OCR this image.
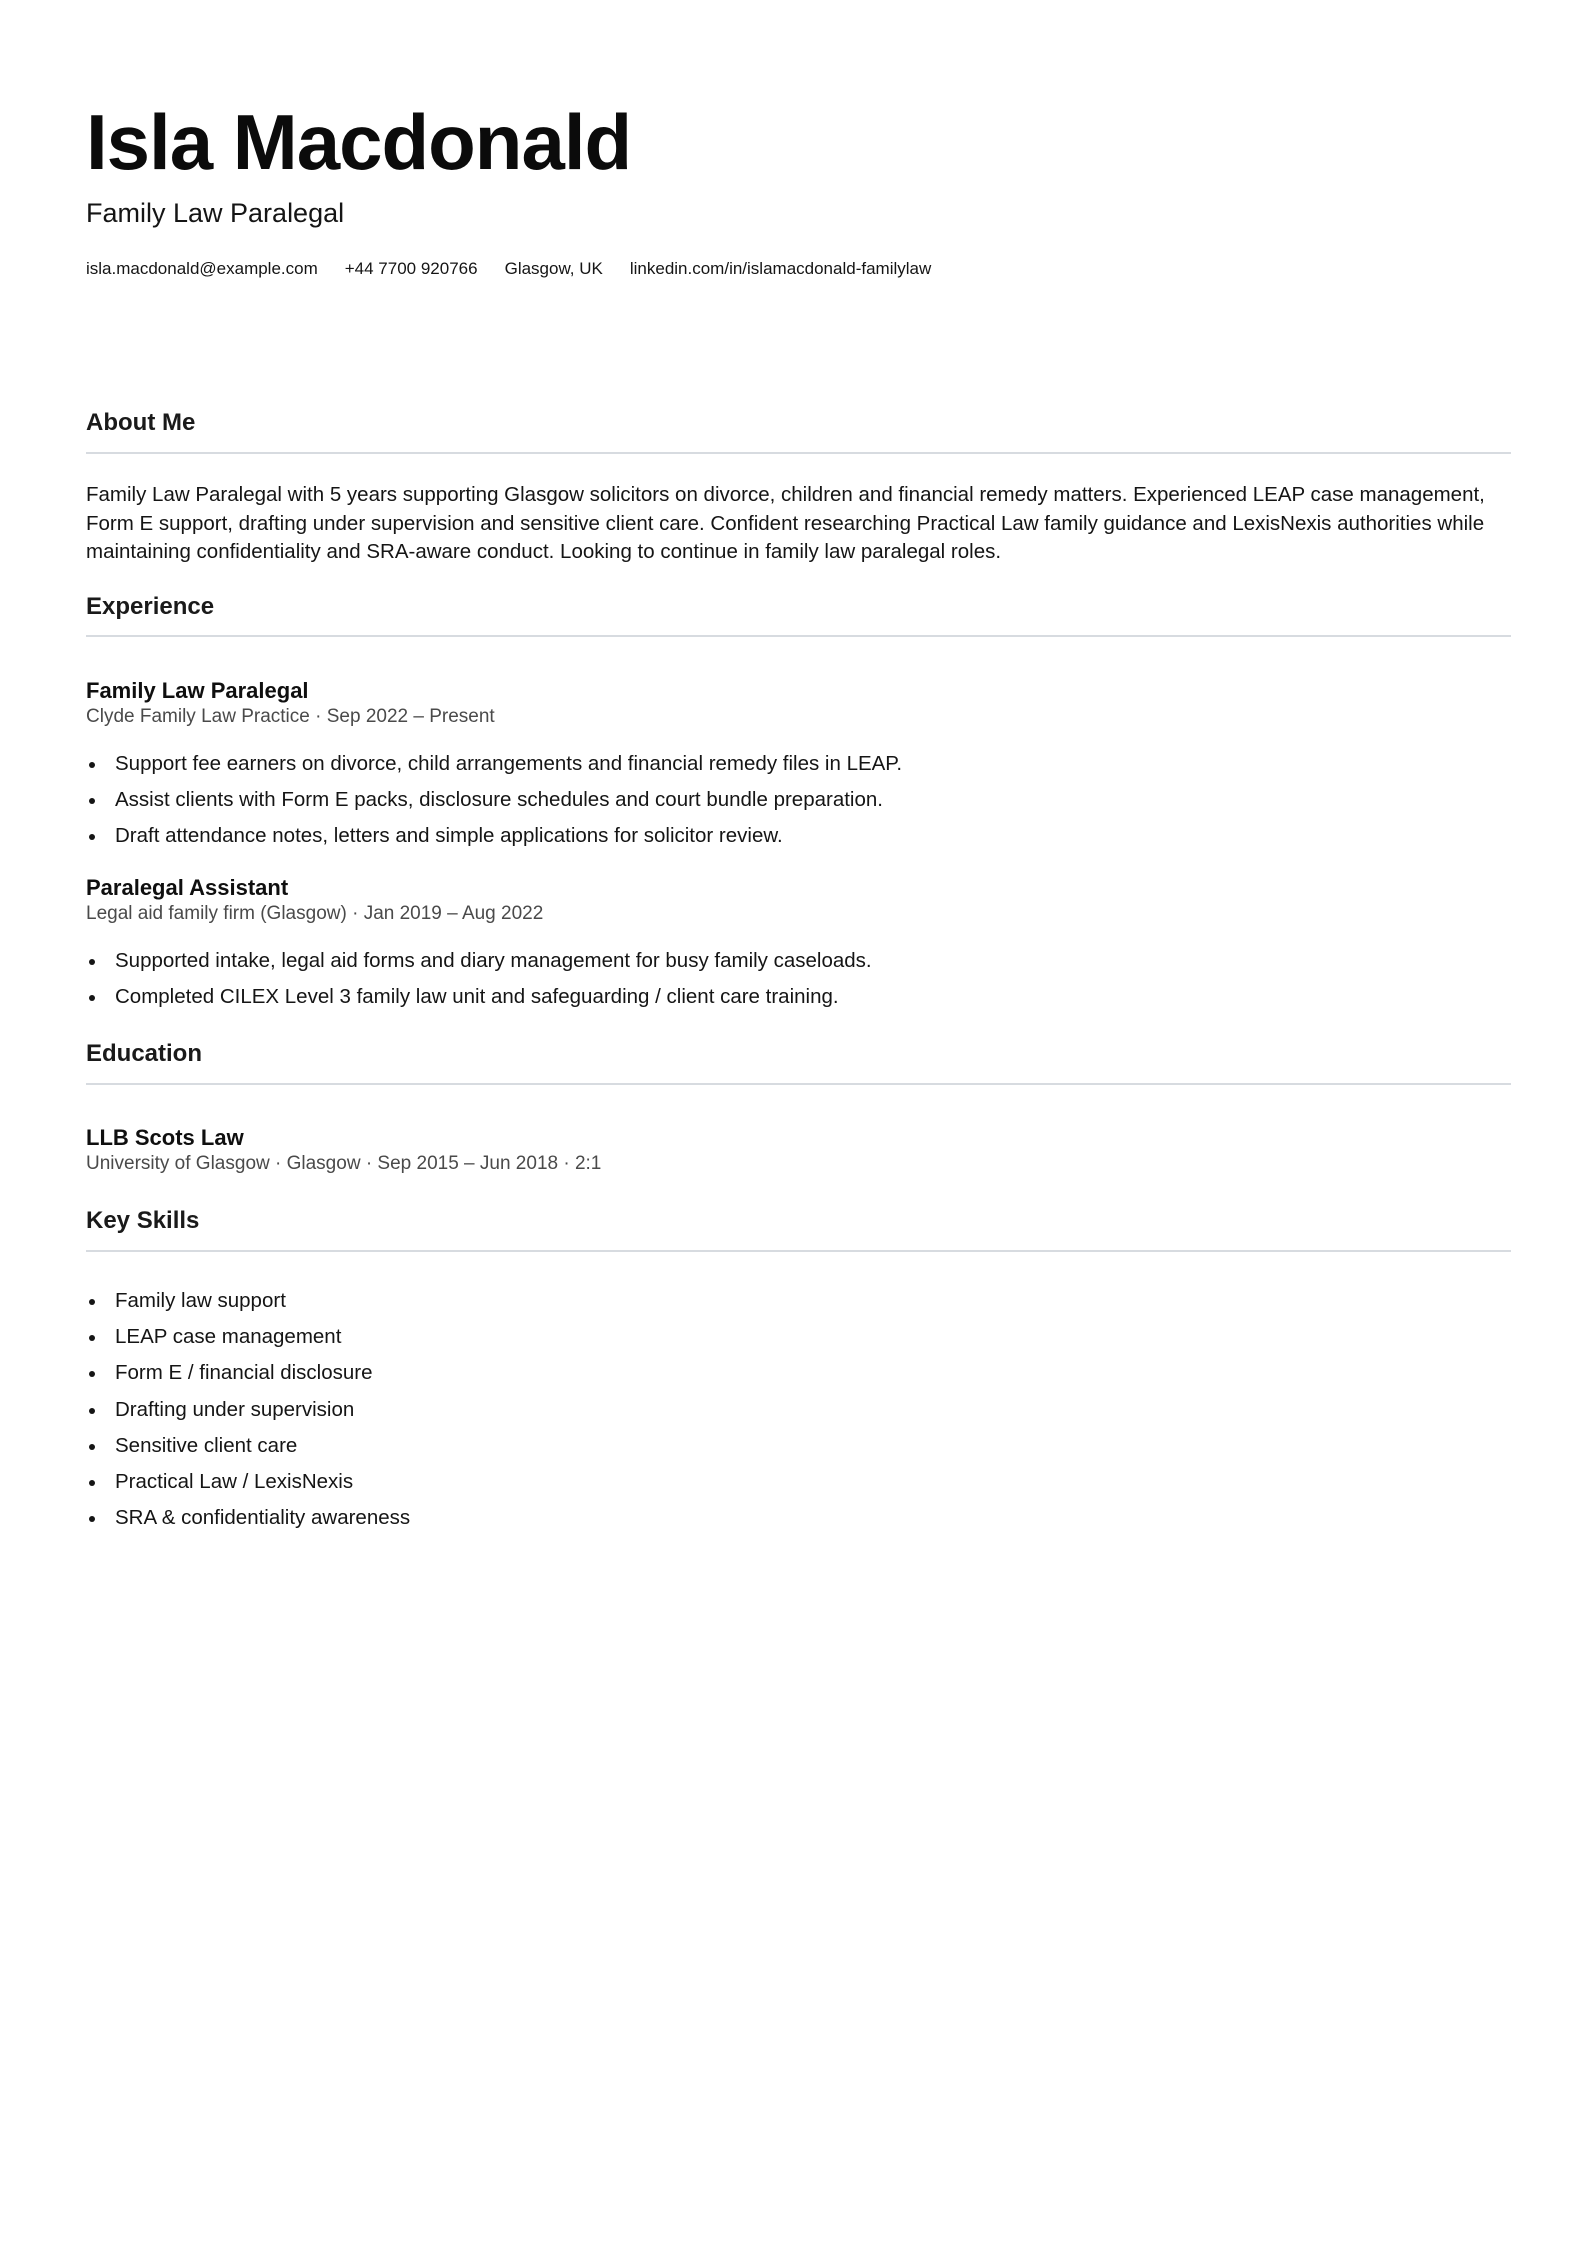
Isla Macdonald
Family Law Paralegal
isla.macdonald@example.com +44 7700 920766 Glasgow, UK linkedin.com/in/islamacdonald-familylaw
About Me

Family Law Paralegal with 5 years supporting Glasgow solicitors on divorce, children and financial remedy matters. Experienced LEAP case management, Form E support, drafting under supervision and sensitive client care. Confident researching Practical Law family guidance and LexisNexis authorities while maintaining confidentiality and SRA-aware conduct. Looking to continue in family law paralegal roles.

Experience
Family Law Paralegal

Clyde Family Law Practice · Sep 2022 – Present

Support fee earners on divorce, child arrangements and financial remedy files in LEAP.
Assist clients with Form E packs, disclosure schedules and court bundle preparation.
Draft attendance notes, letters and simple applications for solicitor review.
Paralegal Assistant

Legal aid family firm (Glasgow) · Jan 2019 – Aug 2022

Supported intake, legal aid forms and diary management for busy family caseloads.
Completed CILEX Level 3 family law unit and safeguarding / client care training.
Education
LLB Scots Law

University of Glasgow · Glasgow · Sep 2015 – Jun 2018 · 2:1

Key Skills
Family law support
LEAP case management
Form E / financial disclosure
Drafting under supervision
Sensitive client care
Practical Law / LexisNexis
SRA & confidentiality awareness
